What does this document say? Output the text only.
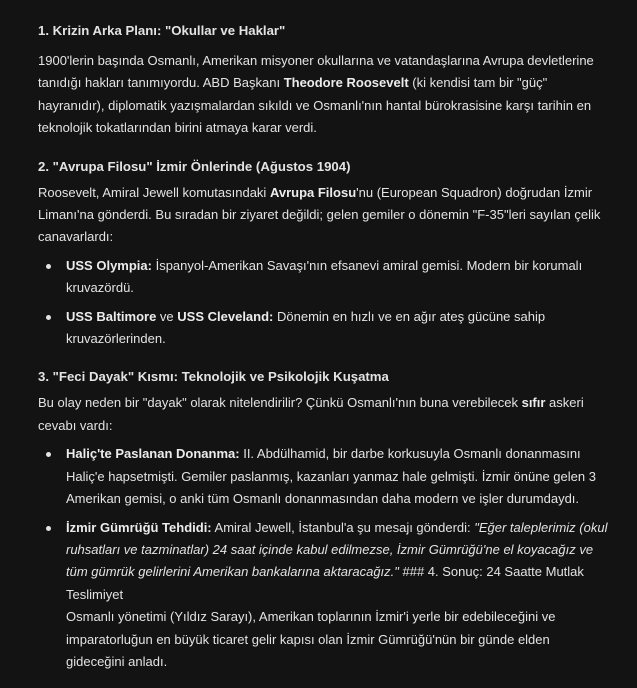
1. Krizin Arka Planı: "Okullar ve Haklar"

1900'lerin başında Osmanlı, Amerikan misyoner okullarına ve vatandaşlarına Avrupa devletlerine tanıdığı hakları tanımıyordu. ABD Başkanı Theodore Roosevelt (ki kendisi tam bir "güç" hayranıdır), diplomatik yazışmalardan sıkıldı ve Osmanlı'nın hantal bürokrasisine karşı tarihin en teknolojik tokatlarından birini atmaya karar verdi.

2. "Avrupa Filosu" İzmir Önlerinde (Ağustos 1904)

Roosevelt, Amiral Jewell komutasındaki Avrupa Filosu'nu (European Squadron) doğrudan İzmir Limanı'na gönderdi. Bu sıradan bir ziyaret değildi; gelen gemiler o dönemin "F-35"leri sayılan çelik canavarlardı:

USS Olympia: İspanyol-Amerikan Savaşı'nın efsanevi amiral gemisi. Modern bir korumalı kruvazördü.
USS Baltimore ve USS Cleveland: Dönemin en hızlı ve en ağır ateş gücüne sahip kruvazörlerinden.
3. "Feci Dayak" Kısmı: Teknolojik ve Psikolojik Kuşatma

Bu olay neden bir "dayak" olarak nitelendirilir? Çünkü Osmanlı'nın buna verebilecek sıfır askeri cevabı vardı:

Haliç'te Paslanan Donanma: II. Abdülhamid, bir darbe korkusuyla Osmanlı donanmasını Haliç'e hapsetmişti. Gemiler paslanmış, kazanları yanmaz hale gelmişti. İzmir önüne gelen 3 Amerikan gemisi, o anki tüm Osmanlı donanmasından daha modern ve işler durumdaydı.
İzmir Gümrüğü Tehdidi: Amiral Jewell, İstanbul'a şu mesajı gönderdi: "Eğer taleplerimiz (okul ruhsatları ve tazminatlar) 24 saat içinde kabul edilmezse, İzmir Gümrüğü'ne el koyacağız ve tüm gümrük gelirlerini Amerikan bankalarına aktaracağız." ### 4. Sonuç: 24 Saatte Mutlak Teslimiyet
Osmanlı yönetimi (Yıldız Sarayı), Amerikan toplarının İzmir'i yerle bir edebileceğini ve imparatorluğun en büyük ticaret gelir kapısı olan İzmir Gümrüğü'nün bir günde elden gideceğini anladı.
